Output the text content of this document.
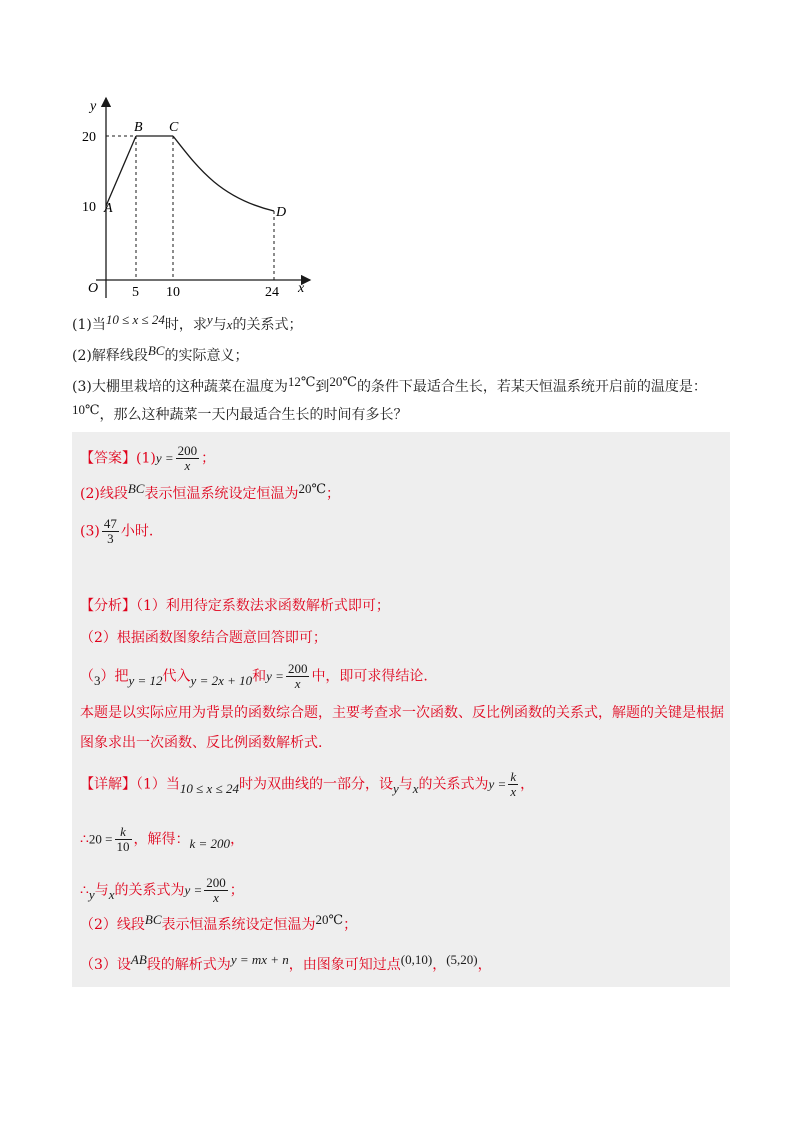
y
x
O
20
10
5 10	24
A
B C
D
(1)当10 ≤ x ≤ 24时，求y与x的关系式；
(2)解释线段BC的实际意义；
(3)大棚里栽培的这种蔬菜在温度为12℃到20℃的条件下最适合生长，若某天恒温系统开启前的温度是：
10℃，那么这种蔬菜一天内最适合生长的时间有多长？
【答案】$(1)y = \frac{200}{x}$ ；
(2)线段BC表示恒温系统设定恒温为20℃；
$(3) \frac{47}{3}$ 小时.
【分析】（1）利用待定系数法求函数解析式即可；
（2）根据函数图象结合题意回答即可；
（3）把y = 12代入y = 2x + 10和$y = \frac{200}{x}$ 中，即可求得结论.
本题是以实际应用为背景的函数综合题，主要考查求一次函数、反比例函数的关系式，解题的关键是根据图象求出一次函数、反比例函数解析式.
【详解】（1）当10 ≤ x ≤ 24时为双曲线的一部分，设y与x的关系式为$y = \frac{k}{x}$ ，
∴20 = $\frac{k}{10}$ ，解得：k = 200，
∴y与x的关系式为$y = \frac{200}{x}$ ；
（2）线段BC表示恒温系统设定恒温为20℃；
（3）设AB段的解析式为y = mx + n，由图象可知过点(0,10)，(5,20)，
